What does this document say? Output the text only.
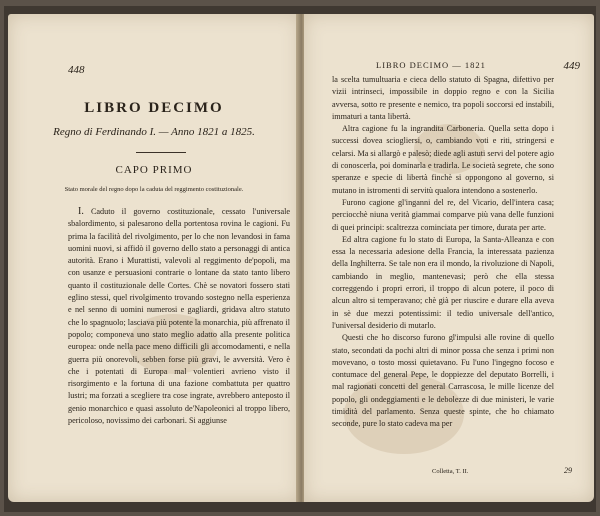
448
LIBRO DECIMO
Regno di Ferdinando I. — Anno 1821 a 1825.
CAPO PRIMO
Stato morale del regno dopo la caduta del reggimento costituzionale.

I. Caduto il governo costituzionale, cessato l'universale sbalordimento, si palesarono della portentosa rovina le cagioni. Fu prima la facilità del rivolgimento, per lo che non levandosi in fama uomini nuovi, si affidò il governo dello stato a personaggi di antica autorità. Erano i Murattisti, valevoli al reggimento de'popoli, ma con usanze e persuasioni contrarie o lontane da stato tanto libero quanto il costituzionale delle Cortes. Chè se novatori fossero stati eglino stessi, quel rivolgimento trovando sostegno nella esperienza e nel senno di uomini numerosi e gagliardi, gridava altro statuto che lo spagnuolo; lasciava più potente la monarchia, più affrenato il popolo; componeva uno stato meglio adatto alla presente politica europea: onde nella pace meno difficili gli accomodamenti, e nella guerra più onorevoli, sebben forse più gravi, le avversità. Vero è che i potentati di Europa mal volentieri avrieno visto il risorgimento e la fortuna di una fazione combattuta per quattro lustri; ma forzati a scegliere tra cose ingrate, avrebbero anteposto il genio monarchico e quasi assoluto de'Napoleonici al troppo libero, pericoloso, novissimo dei carbonari. Si aggiunse

LIBRO DECIMO — 1821	449

la scelta tumultuaria e cieca dello statuto di Spagna, difettivo per vizii intrinseci, impossibile in doppio regno e con la Sicilia avversa, sotto re presente e nemico, tra popoli soccorsi ed instabili, immaturi a tanta libertà.

Altra cagione fu la ingrandita Carboneria. Quella setta dopo i successi dovea sciogliersi, o, cambiando voti e riti, stringersi e celarsi. Ma si allargò e palesò; diede agli astuti servi del potere agio di conoscerla, poi dominarla e tradirla. Le società segrete, che sono speranze e specie di libertà finchè si oppongono al governo, si mutano in istromenti di servitù qualora intendono a sostenerlo.

Furono cagione gl'inganni del re, del Vicario, dell'intera casa; perciocchè niuna verità giammai comparve più vana delle funzioni di quei principi: scaltrezza cominciata per timore, durata per arte.

Ed altra cagione fu lo stato di Europa, la Santa-Alleanza e con essa la necessaria adesione della Francia, la interessata pazienza della Inghilterra. Se tale non era il mondo, la rivoluzione di Napoli, cambiando in meglio, mantenevasi; però che ella stessa correggendo i propri errori, il troppo di alcun potere, il poco di alcun altro si temperavano; chè già per riuscire e durare ella aveva in sè due mezzi potentissimi: il tedio universale dell'antico, l'universal desiderio di mutarlo.

Questi che ho discorso furono gl'impulsi alle rovine di quello stato, secondati da pochi altri di minor possa che senza i primi non movevano, o tosto mossi quietavano. Fu l'uno l'ingegno focoso e contumace del general Pepe, le doppiezze del deputato Borrelli, i mal ragionati concetti del general Carrascosa, le mille licenze del popolo, gli ondeggiamenti e le debolezze di due ministeri, le varie timidità del parlamento. Senza queste spinte, che ho chiamato seconde, pure lo stato cadeva ma per

Colletta, T. II.	29
